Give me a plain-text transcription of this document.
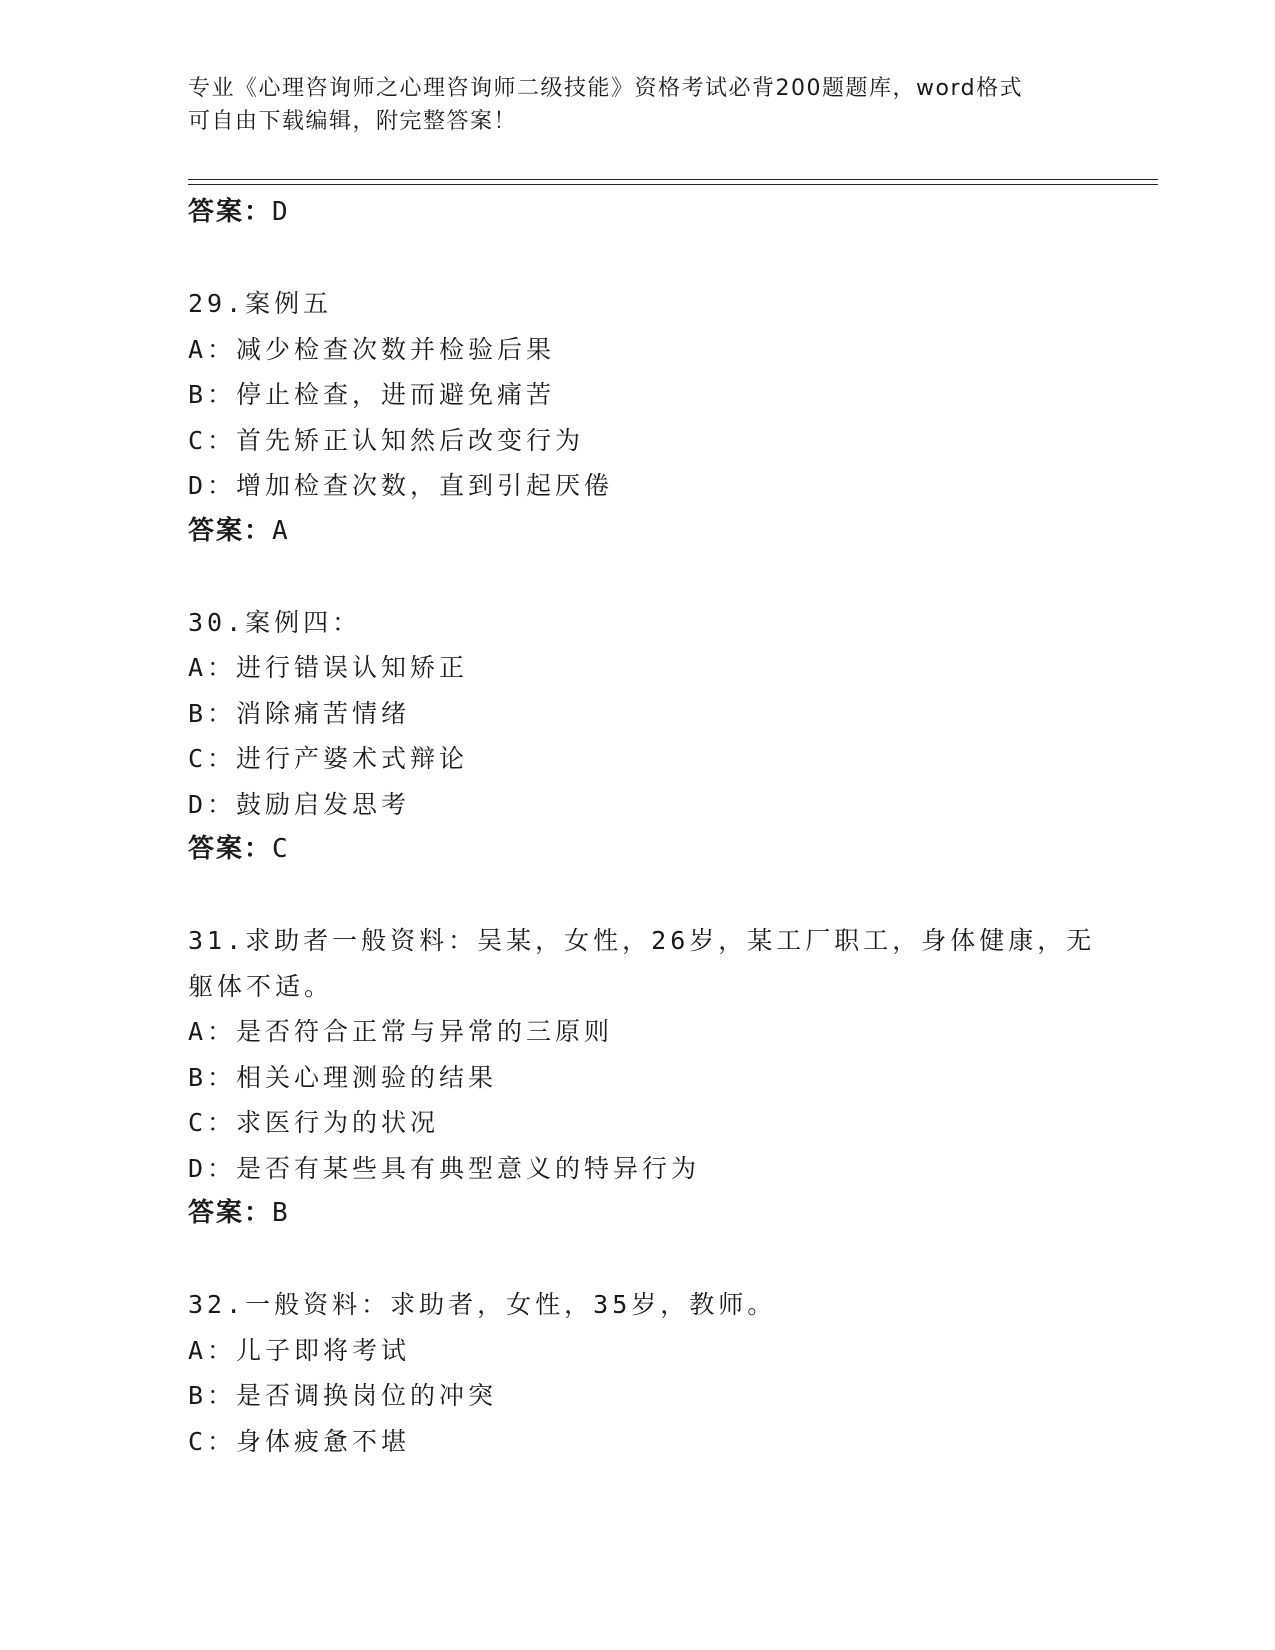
专业《心理咨询师之心理咨询师二级技能》资格考试必背200题题库，word格式
可自由下载编辑，附完整答案！
答案：D
29.案例五
A：减少检查次数并检验后果
B：停止检查，进而避免痛苦
C：首先矫正认知然后改变行为
D：增加检查次数，直到引起厌倦
答案：A
30.案例四：
A：进行错误认知矫正
B：消除痛苦情绪
C：进行产婆术式辩论
D：鼓励启发思考
答案：C
31.求助者一般资料：吴某，女性，26岁，某工厂职工，身体健康，无
躯体不适。
A：是否符合正常与异常的三原则
B：相关心理测验的结果
C：求医行为的状况
D：是否有某些具有典型意义的特异行为
答案：B
32.一般资料：求助者，女性，35岁，教师。
A：儿子即将考试
B：是否调换岗位的冲突
C：身体疲惫不堪
